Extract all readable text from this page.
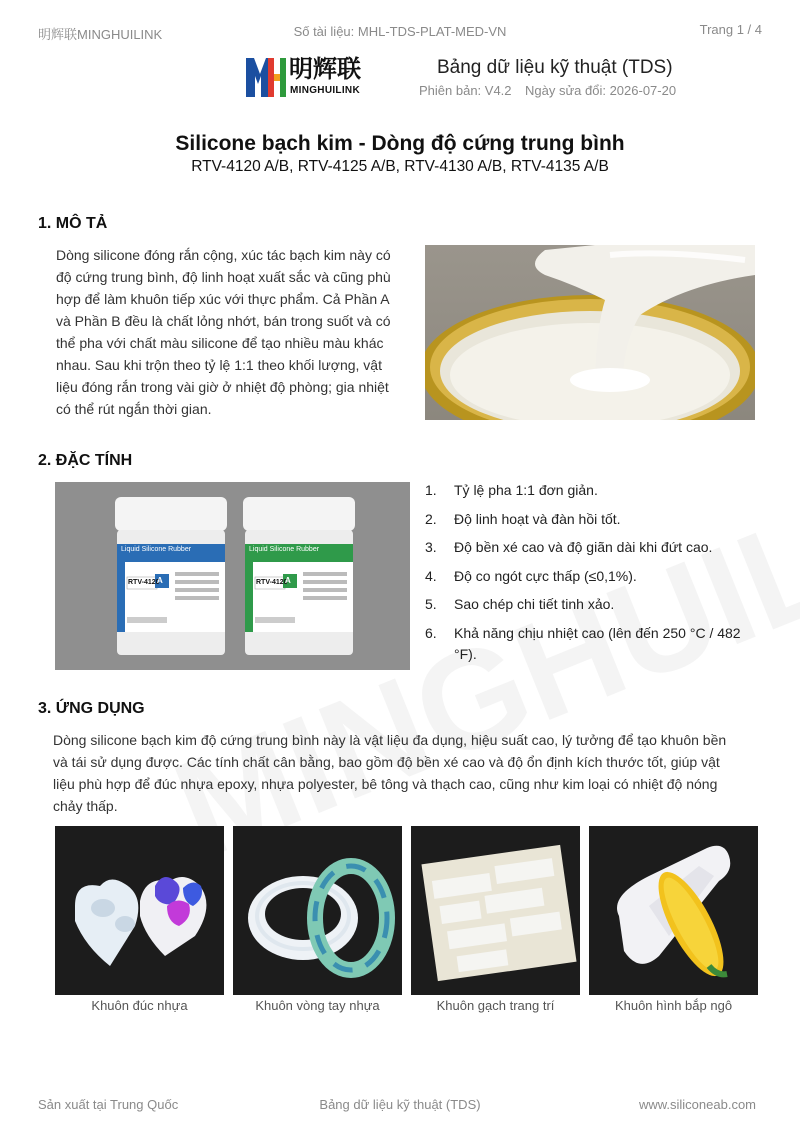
明辉联MINGHUILINK	Số tài liệu: MHL-TDS-PLAT-MED-VN	Trang 1 / 4
明辉联
MINGHUILINK
Bảng dữ liệu kỹ thuật (TDS)
Phiên bản: V4.2 Ngày sửa đổi: 2026-07-20
Silicone bạch kim - Dòng độ cứng trung bình
RTV-4120 A/B, RTV-4125 A/B, RTV-4130 A/B, RTV-4135 A/B
1. MÔ TẢ
Dòng silicone đóng rắn cộng, xúc tác bạch kim này có
độ cứng trung bình, độ linh hoạt xuất sắc và cũng phù
hợp để làm khuôn tiếp xúc với thực phẩm. Cả Phần A
và Phần B đều là chất lỏng nhớt, bán trong suốt và có
thể pha với chất màu silicone để tạo nhiều màu khác
nhau. Sau khi trộn theo tỷ lệ 1:1 theo khối lượng, vật
liệu đóng rắn trong vài giờ ở nhiệt độ phòng; gia nhiệt
có thể rút ngắn thời gian.
2. ĐẶC TÍNH
Liquid Silicone Rubber
RTV-4120
A
Liquid Silicone Rubber
RTV-4120
A
1. Tỷ lệ pha 1:1 đơn giản.
2. Độ linh hoạt và đàn hồi tốt.
3. Độ bền xé cao và độ giãn dài khi đứt cao.
4. Độ co ngót cực thấp (≤0,1%).
5. Sao chép chi tiết tinh xảo.
6. Khả năng chịu nhiệt cao (lên đến 250 °C / 482 °F).
3. ỨNG DỤNG
Dòng silicone bạch kim độ cứng trung bình này là vật liệu đa dụng, hiệu suất cao, lý tưởng để tạo khuôn bền
và tái sử dụng được. Các tính chất cân bằng, bao gồm độ bền xé cao và độ ổn định kích thước tốt, giúp vật
liệu phù hợp để đúc nhựa epoxy, nhựa polyester, bê tông và thạch cao, cũng như kim loại có nhiệt độ nóng
chảy thấp.
Khuôn đúc nhựa	Khuôn vòng tay nhựa	Khuôn gạch trang trí	Khuôn hình bắp ngô
Sản xuất tại Trung Quốc	Bảng dữ liệu kỹ thuật (TDS)	www.siliconeab.com
